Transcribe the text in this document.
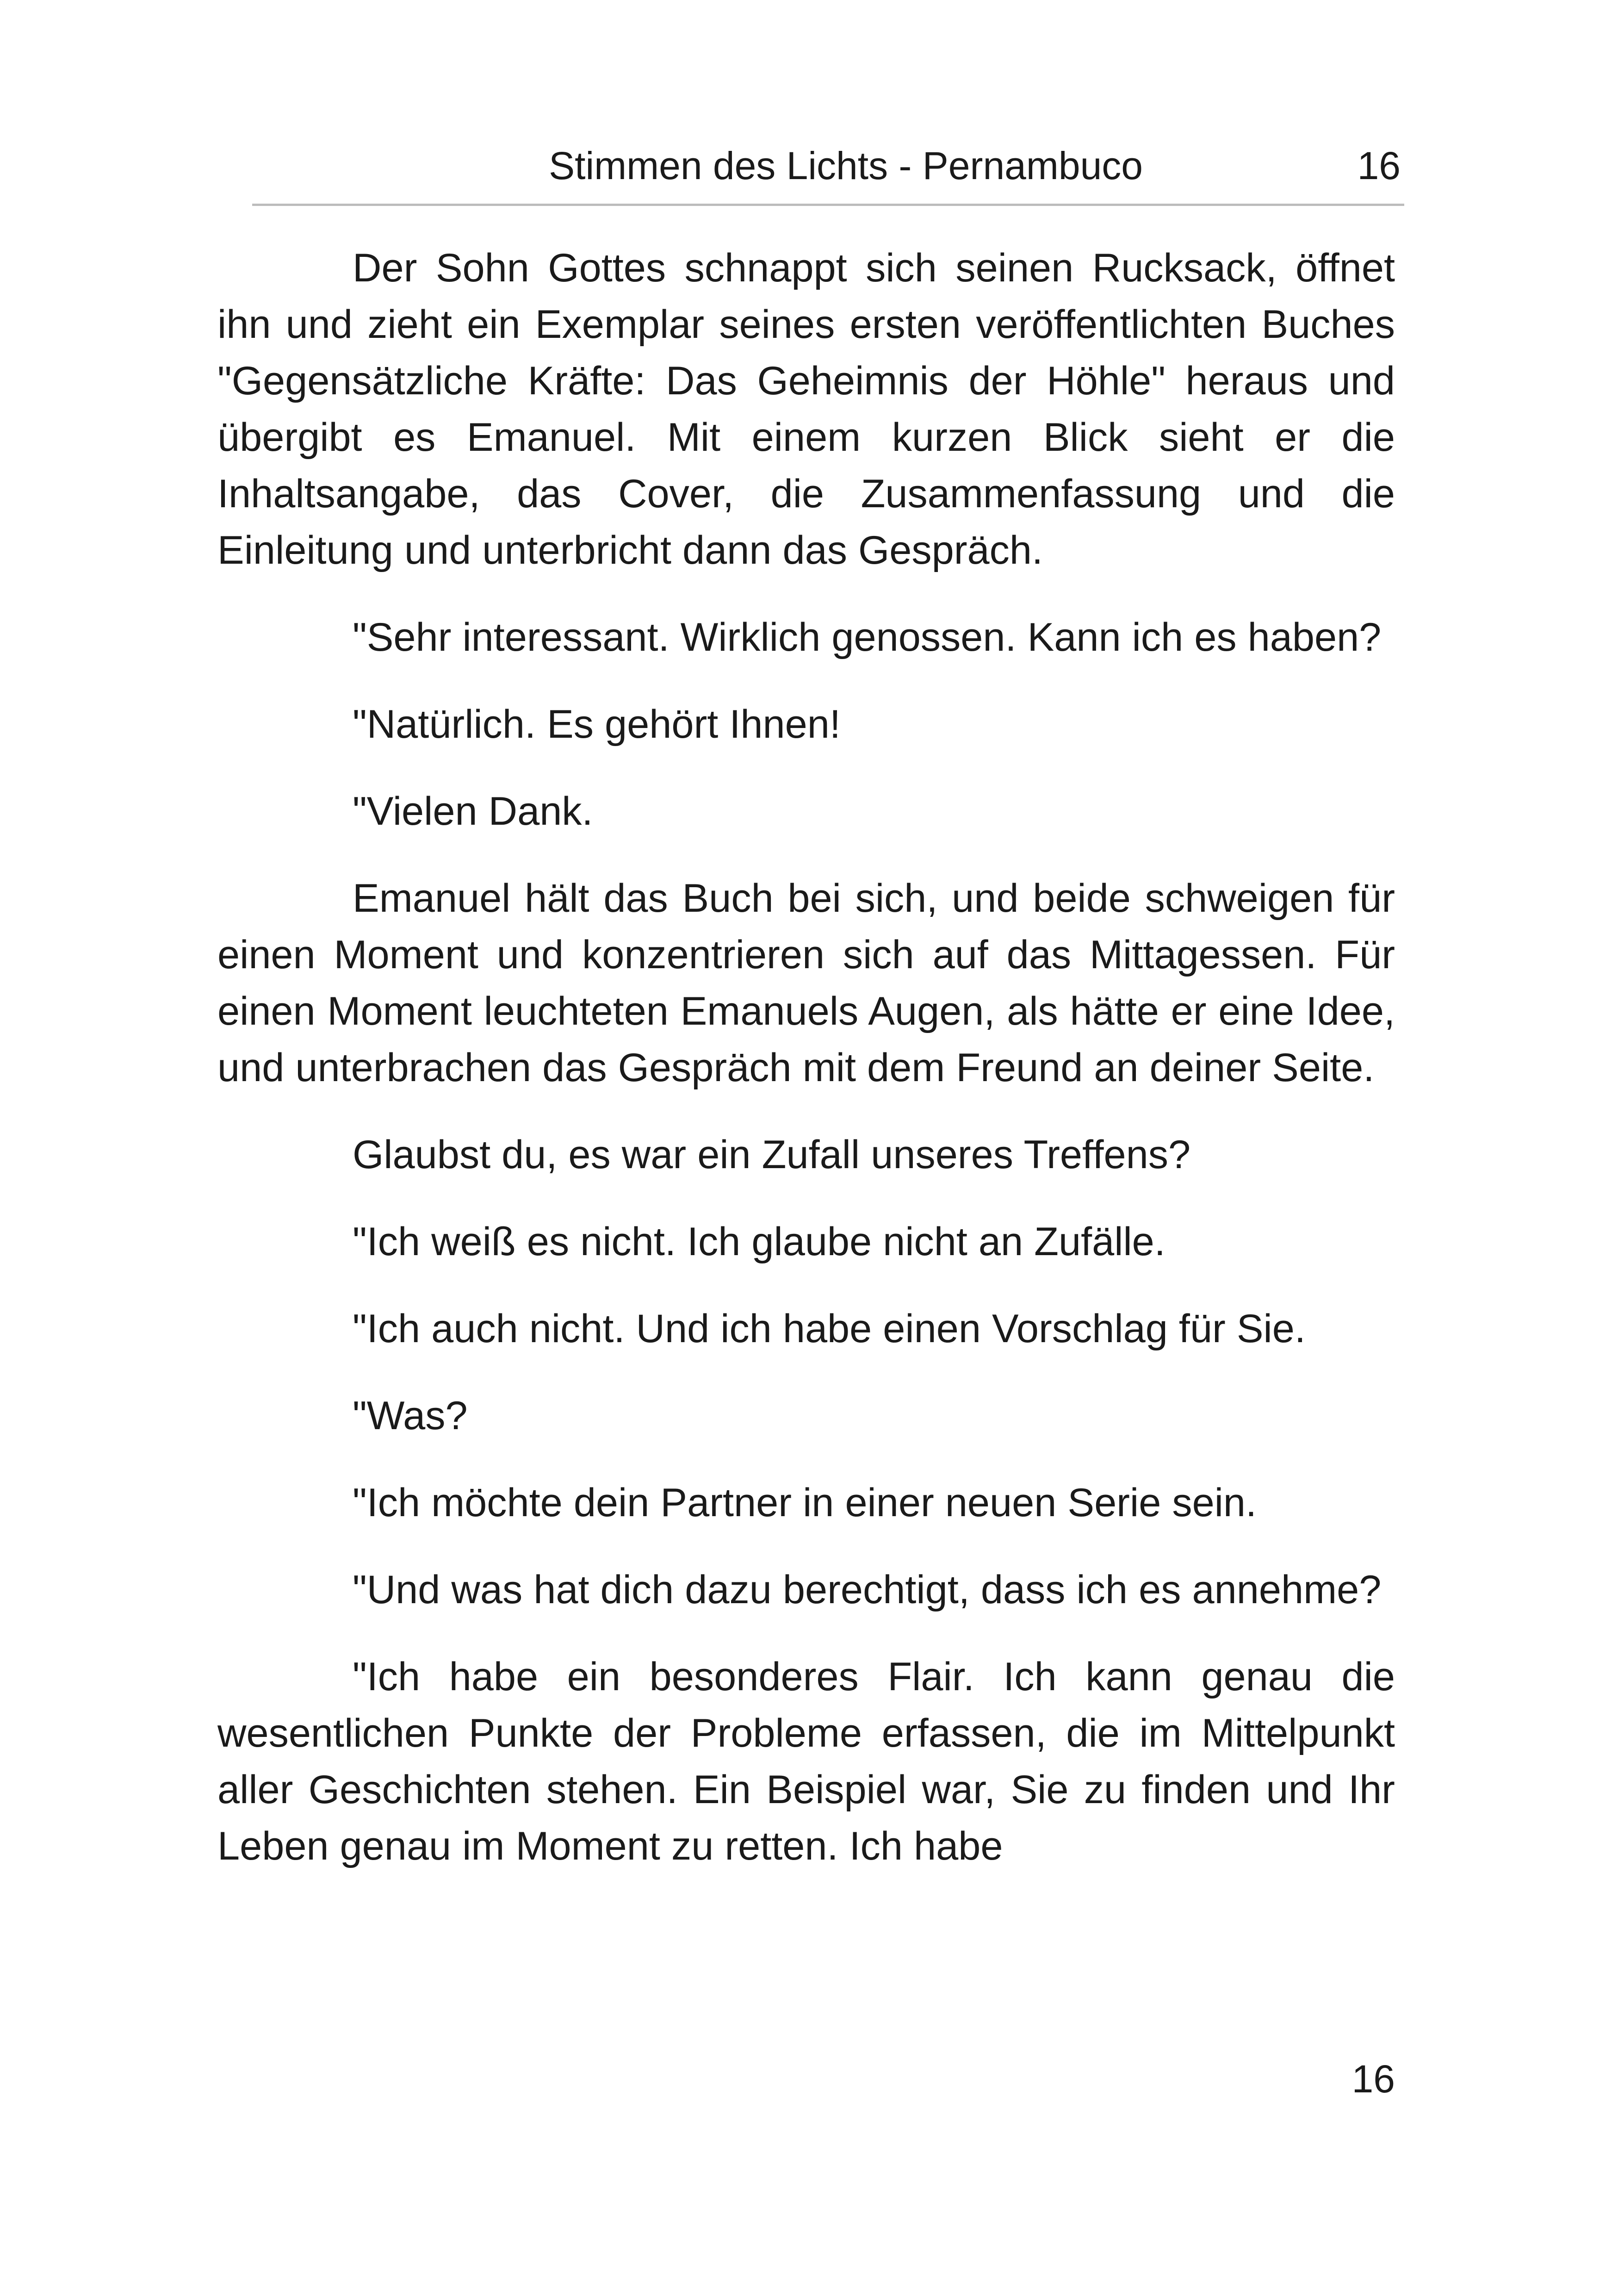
Stimmen des Lichts - Pernambuco	16

Der Sohn Gottes schnappt sich seinen Rucksack, öffnet ihn und zieht ein Exemplar seines ersten veröffentlichten Buches "Gegensätzliche Kräfte: Das Geheimnis der Höhle" heraus und übergibt es Emanuel. Mit einem kurzen Blick sieht er die Inhaltsangabe, das Cover, die Zusammenfassung und die Einleitung und unterbricht dann das Gespräch.

"Sehr interessant. Wirklich genossen. Kann ich es haben?

"Natürlich. Es gehört Ihnen!

"Vielen Dank.

Emanuel hält das Buch bei sich, und beide schweigen für einen Moment und konzentrieren sich auf das Mittagessen. Für einen Moment leuchteten Emanuels Augen, als hätte er eine Idee, und unterbrachen das Gespräch mit dem Freund an deiner Seite.

Glaubst du, es war ein Zufall unseres Treffens?

"Ich weiß es nicht. Ich glaube nicht an Zufälle.

"Ich auch nicht. Und ich habe einen Vorschlag für Sie.

"Was?

"Ich möchte dein Partner in einer neuen Serie sein.

"Und was hat dich dazu berechtigt, dass ich es annehme?

"Ich habe ein besonderes Flair. Ich kann genau die wesentlichen Punkte der Probleme erfassen, die im Mittelpunkt aller Geschichten stehen. Ein Beispiel war, Sie zu finden und Ihr Leben genau im Moment zu retten. Ich habe

16
